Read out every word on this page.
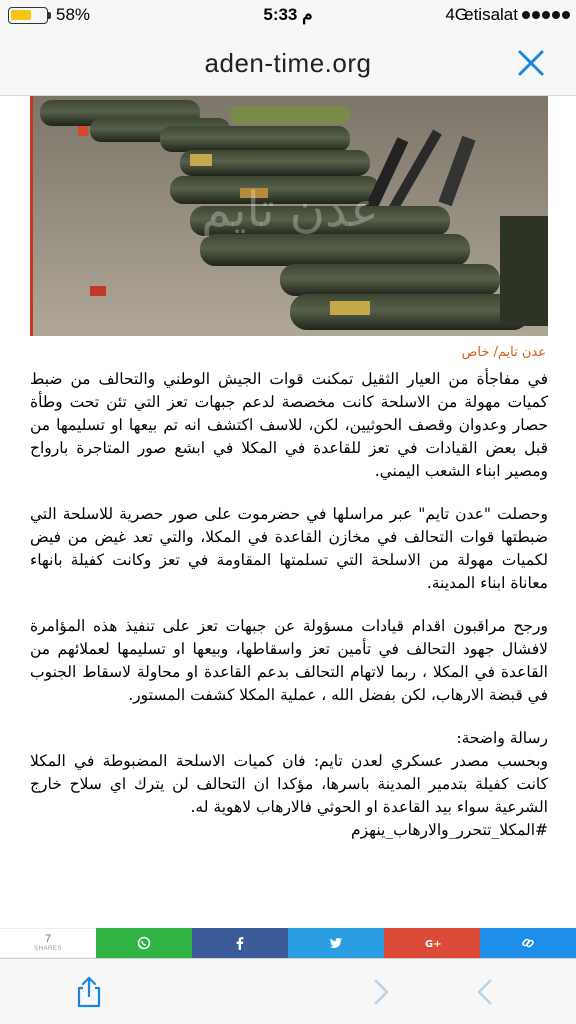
58%	5:33 م	4G
etisalat
aden-time.org
عدن تايم
عدن تايم/ خاص

في مفاجأة من العيار الثقيل تمكنت قوات الجيش الوطني والتحالف من ضبط كميات مهولة من الاسلحة كانت مخصصة لدعم جبهات تعز التي تئن تحت وطأة حصار وعدوان وقصف الحوثيين، لكن، للاسف اكتشف انه تم بيعها او تسليمها من قبل بعض القيادات في تعز للقاعدة في المكلا في ابشع صور المتاجرة بارواح ومصير ابناء الشعب اليمني.

وحصلت "عدن تايم" عبر مراسلها في حضرموت على صور حصرية للاسلحة التي ضبطتها قوات التحالف في مخازن القاعدة في المكلا، والتي تعد غيض من فيض لكميات مهولة من الاسلحة التي تسلمتها المقاومة في تعز وكانت كفيلة بانهاء معاناة ابناء المدينة.

ورجح مراقبون اقدام قيادات مسؤولة عن جبهات تعز على تنفيذ هذه المؤامرة لافشال جهود التحالف في تأمين تعز واسقاطها، وبيعها او تسليمها لعملائهم من القاعدة في المكلا ، ربما لاتهام التحالف بدعم القاعدة او محاولة لاسقاط الجنوب في قبضة الارهاب، لكن بفضل الله ، عملية المكلا كشفت المستور.

رسالة واضحة:

وبحسب مصدر عسكري لعدن تايم: فان كميات الاسلحة المضبوطة في المكلا كانت كفيلة بتدمير المدينة باسرها، مؤكدا ان التحالف لن يترك اي سلاح خارج الشرعية سواء بيد القاعدة او الحوثي فالارهاب لاهوية له.

#المكلا_تتحرر_والارهاب_ينهزم

7
SHARES	G+
